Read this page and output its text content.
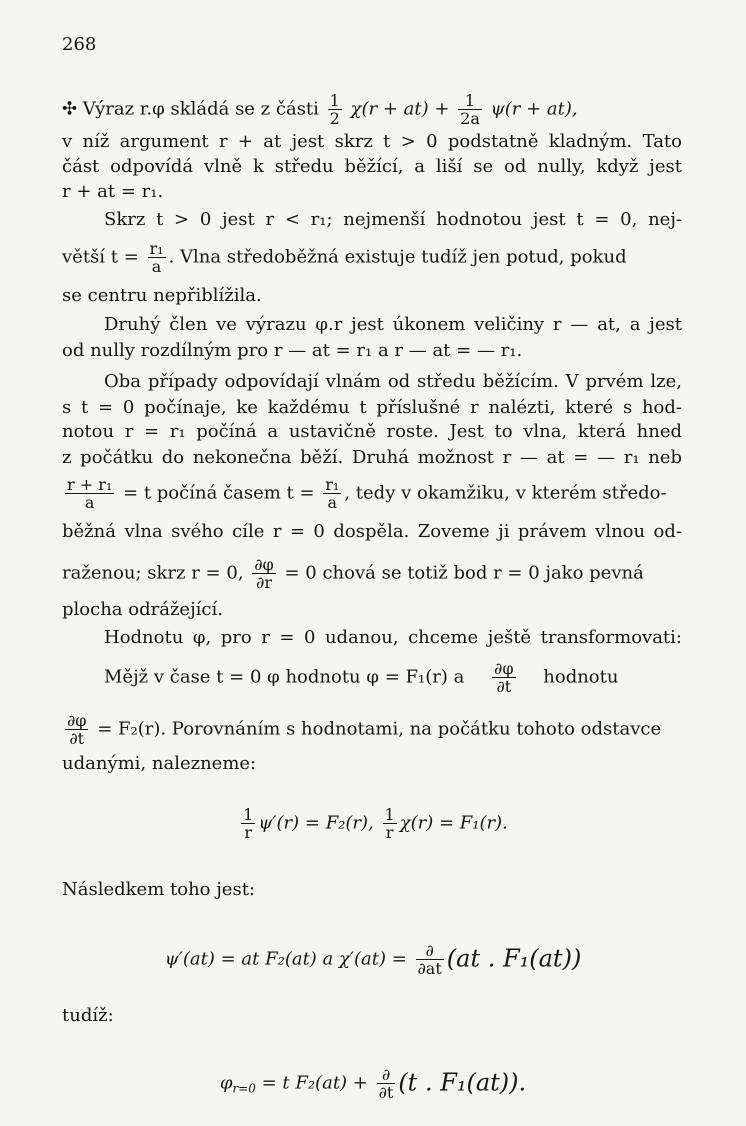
268
✣ Výraz r.φ skládá se z části $\frac{1}{2} \chi(r + at) + \frac{1}{2a} \psi(r + at)$,
v níž argument r + at jest skrz t > 0 podstatně kladným. Tato
část odpovídá vlně k středu běžící, a liší se od nully, když jest
r + at = r₁.
Skrz t > 0 jest r < r₁; nejmenší hodnotou jest t = 0, nej-
větší $t = \frac{\text{r₁}}{a}$ . Vlna středoběžná existuje tudíž jen potud, pokud
se centru nepřiblížila.
Druhý člen ve výrazu φ.r jest úkonem veličiny r — at, a jest
od nully rozdílným pro r — at = r₁ a r — at = — r₁.
Oba případy odpovídají vlnám od středu běžícím. V prvém lze,
s t = 0 počínaje, ke každému t příslušné r nalézti, které s hod-
notou r = r₁ počíná a ustavičně roste. Jest to vlna, která hned
z počátku do nekonečna běží. Druhá možnost r — at = — r₁ neb
$\frac{\text{r + r₁}}{a} = t$ počíná časem $t = \frac{\text{r₁}}{a}$ , tedy v okamžiku, v kterém středo-
běžná vlna svého cíle r = 0 dospěla. Zoveme ji právem vlnou od-
raženou; skrz r = 0, $\frac{\partial\varphi}{\partial r} = 0$ chová se totiž bod r = 0 jako pevná
plocha odrážející.
Hodnotu φ, pro r = 0 udanou, chceme ještě transformovati:
Mějž v čase t = 0 φ hodnotu φ = F₁(r) a $\frac{\partial\varphi}{\partial t}$ hodnotu
$\frac{\partial\varphi}{\partial t} = F_2(r)$. Porovnáním s hodnotami, na počátku tohoto odstavce
udanými, nalezneme:
$\frac{1}{r} \psi'(r) = F_2(r)$, $\frac{1}{r} \chi(r) = F_1(r)$.
Následkem toho jest:
ψ′(at) = at F₂(at) a $\chi'(at) = \frac{\partial}{\partial at} (at$ . F₁(at))
tudíž:
$\varphi_{r=0} = t$ $F_2(at) + \frac{\partial}{\partial t} (t$ . F₁(at)).
